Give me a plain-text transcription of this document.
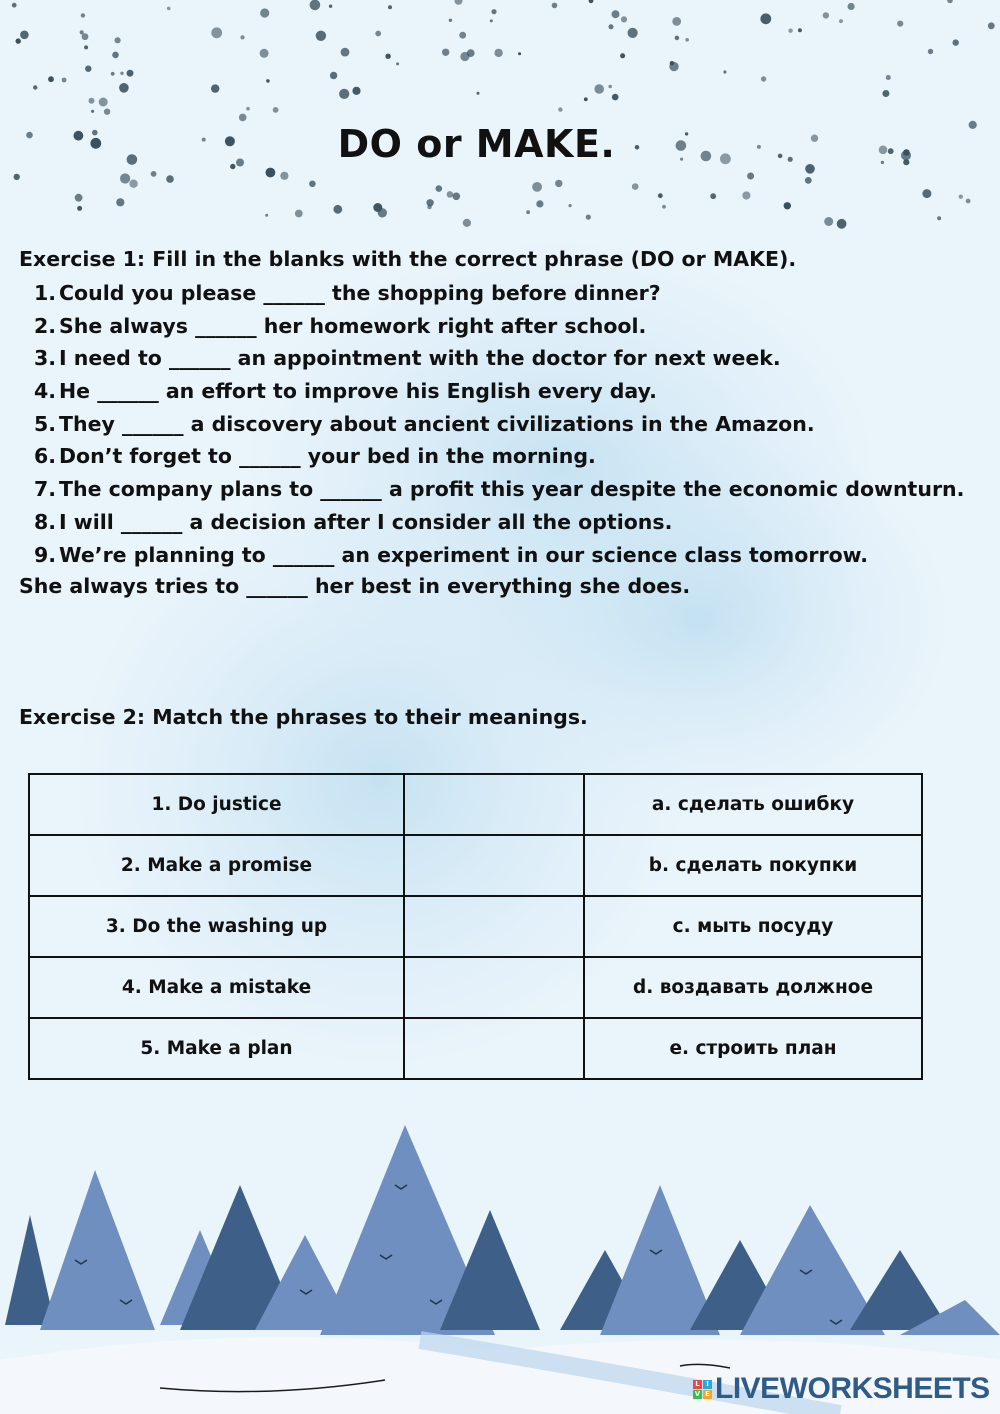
DO or MAKE.

Exercise 1: Fill in the blanks with the correct phrase (DO or MAKE).

1. Could you please ______ the shopping before dinner?
2. She always ______ her homework right after school.
3. I need to ______ an appointment with the doctor for next week.
4. He ______ an effort to improve his English every day.
5. They ______ a discovery about ancient civilizations in the Amazon.
6. Don’t forget to ______ your bed in the morning.
7. The company plans to ______ a profit this year despite the economic downturn.
8. I will ______ a decision after I consider all the options.
9. We’re planning to ______ an experiment in our science class tomorrow.

She always tries to ______ her best in everything she does.

Exercise 2: Match the phrases to their meanings.

1. Do justice		a. сделать ошибку
2. Make a promise		b. сделать покупки
3. Do the washing up		c. мыть посуду
4. Make a mistake		d. воздавать должное
5. Make a plan		e. строить план
L I
V E LIVEWORKSHEETS
